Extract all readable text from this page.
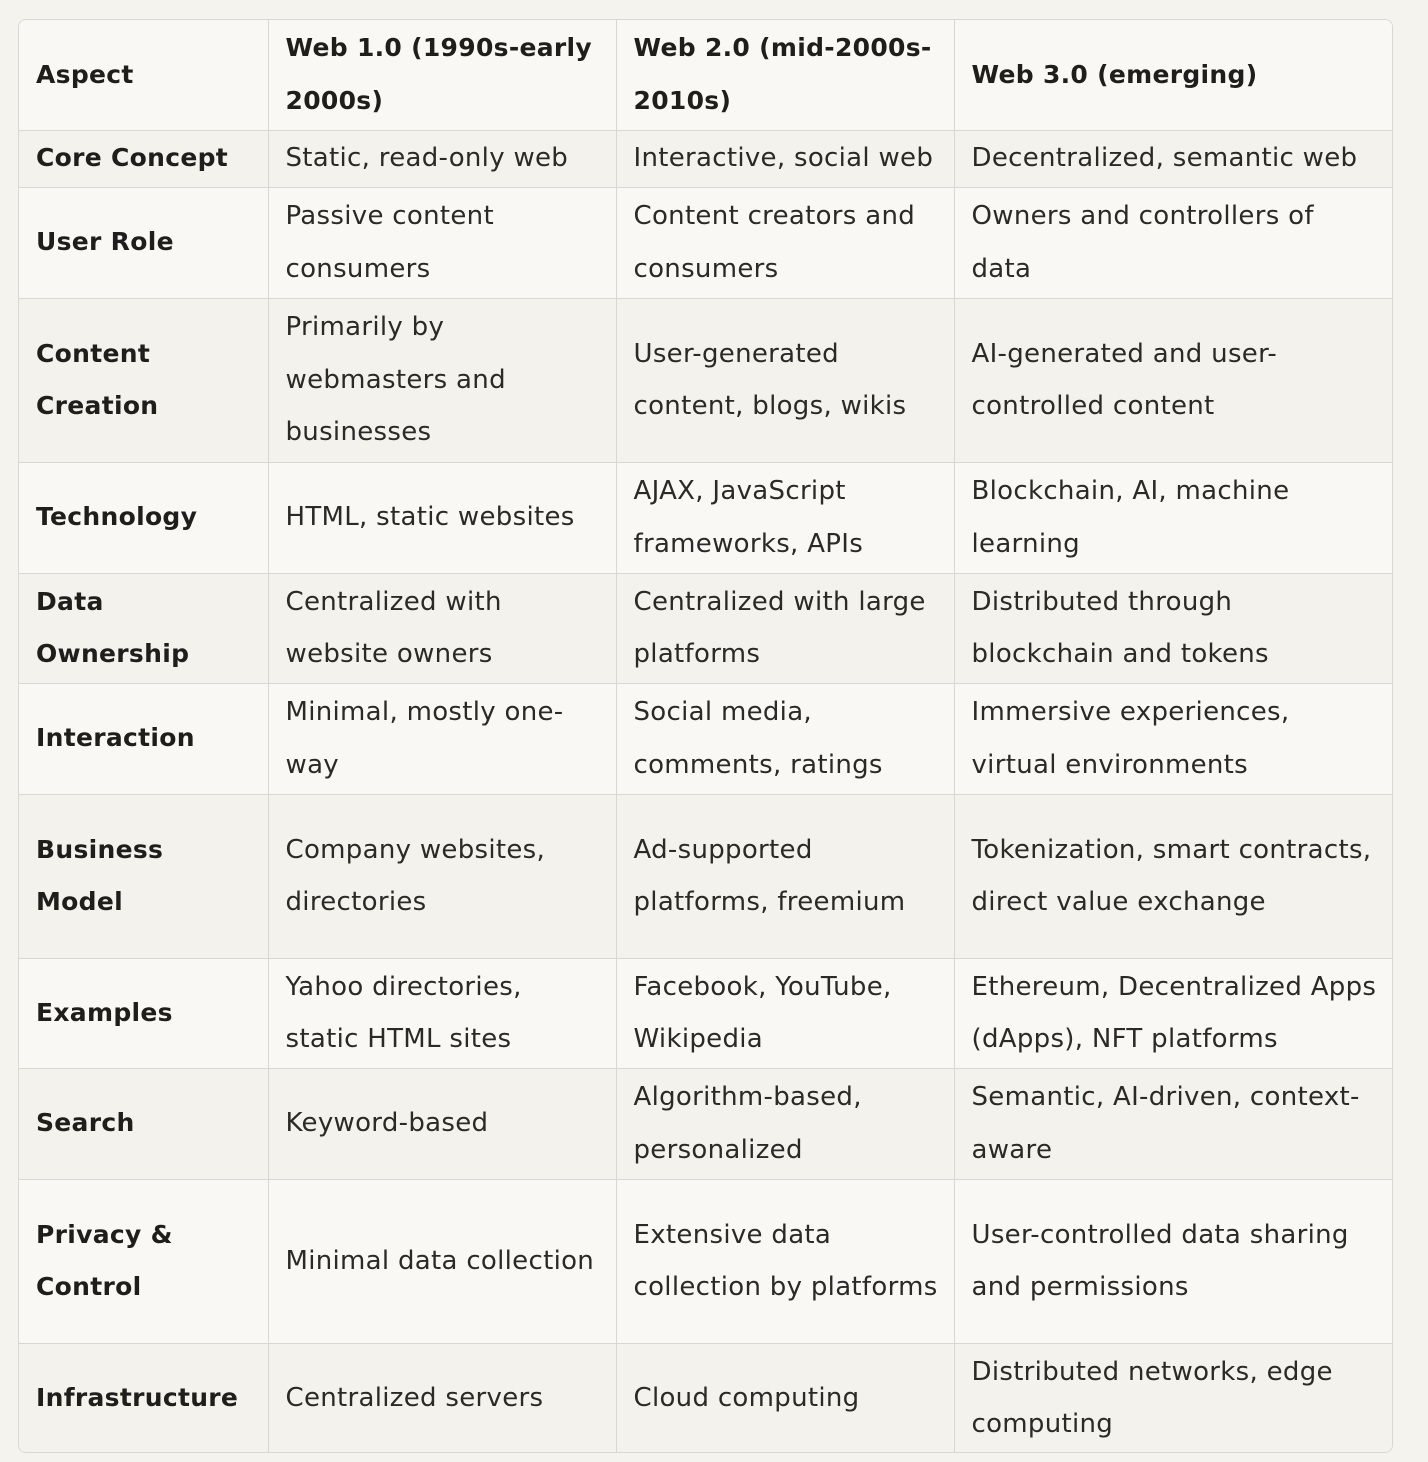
Aspect	Web 1.0 (1990s-early 2000s)	Web 2.0 (mid-2000s-2010s)	Web 3.0 (emerging)
Core Concept	Static, read-only web	Interactive, social web	Decentralized, semantic web
User Role	Passive content consumers	Content creators and consumers	Owners and controllers of data
Content Creation	Primarily by webmasters and businesses	User-generated content, blogs, wikis	AI-generated and user-controlled content
Technology	HTML, static websites	AJAX, JavaScript frameworks, APIs	Blockchain, AI, machine learning
Data Ownership	Centralized with website owners	Centralized with large platforms	Distributed through blockchain and tokens
Interaction	Minimal, mostly one-way	Social media, comments, ratings	Immersive experiences, virtual environments
Business Model	Company websites, directories	Ad-supported platforms, freemium	Tokenization, smart contracts, direct value exchange
Examples	Yahoo directories, static HTML sites	Facebook, YouTube, Wikipedia	Ethereum, Decentralized Apps (dApps), NFT platforms
Search	Keyword-based	Algorithm-based, personalized	Semantic, AI-driven, context-aware
Privacy & Control	Minimal data collection	Extensive data collection by platforms	User-controlled data sharing and permissions
Infrastructure	Centralized servers	Cloud computing	Distributed networks, edge computing
